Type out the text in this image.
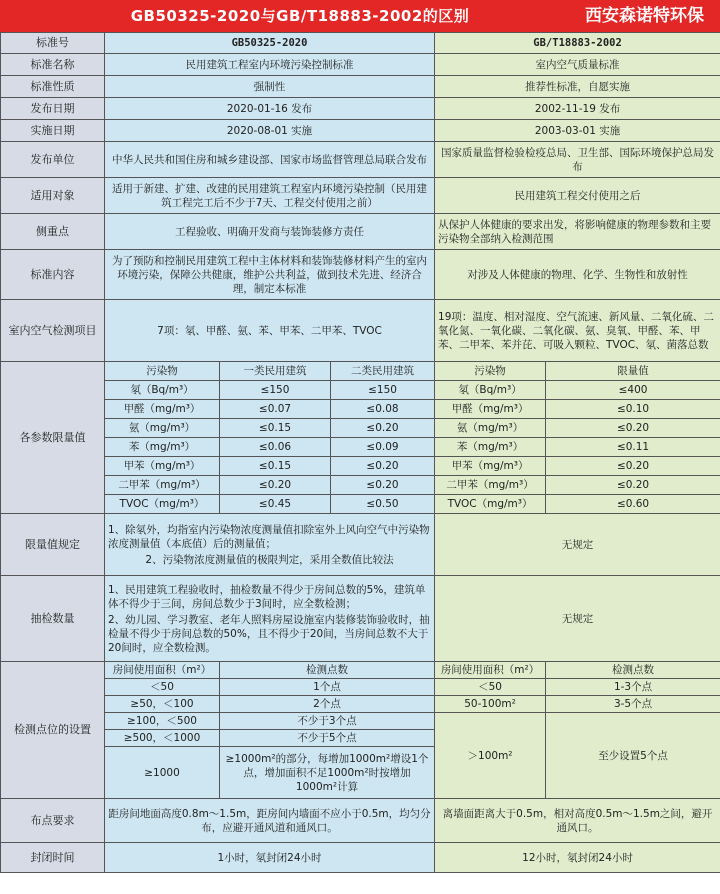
GB50325-2020与GB/T18883-2002的区别	西安森诺特环保
标准号	GB50325-2020			GB/T18883-2002	
标准名称	民用建筑工程室内环境污染控制标准			室内空气质量标准	
标准性质	强制性			推荐性标准，自愿实施	
发布日期	2020-01-16 发布			2002-11-19 发布	
实施日期	2020-08-01 实施			2003-03-01 实施	
发布单位	中华人民共和国住房和城乡建设部、国家市场监督管理总局联合发布			国家质量监督检验检疫总局、卫生部、国际环境保护总局发布	
适用对象	适用于新建、扩建、改建的民用建筑工程室内环境污染控制（民用建筑工程完工后不少于7天、工程交付使用之前）			民用建筑工程交付使用之后	
侧重点	工程验收、明确开发商与装饰装修方责任			从保护人体健康的要求出发，将影响健康的物理参数和主要污染物全部纳入检测范围	
标准内容	为了预防和控制民用建筑工程中主体材料和装饰装修材料产生的室内环境污染，保障公共健康，维护公共利益，做到技术先进、经济合理，制定本标准			对涉及人体健康的物理、化学、生物性和放射性	
室内空气检测项目	7项：氡、甲醛、氨、苯、甲苯、二甲苯、TVOC			19项：温度、相对湿度、空气流速、新风量、二氧化硫、二氧化氮、一氧化碳、二氧化碳、氨、臭氧、甲醛、苯、甲苯、二甲苯、苯并芘、可吸入颗粒、TVOC、氡、菌落总数	
各参数限量值	污染物	一类民用建筑	二类民用建筑	污染物	限量值
	氡（Bq/m³）	≤150	≤150	氡（Bq/m³）	≤400
	甲醛（mg/m³）	≤0.07	≤0.08	甲醛（mg/m³）	≤0.10
	氨（mg/m³）	≤0.15	≤0.20	氨（mg/m³）	≤0.20
	苯（mg/m³）	≤0.06	≤0.09	苯（mg/m³）	≤0.11
	甲苯（mg/m³）	≤0.15	≤0.20	甲苯（mg/m³）	≤0.20
	二甲苯（mg/m³）	≤0.20	≤0.20	二甲苯（mg/m³）	≤0.20
	TVOC（mg/m³）	≤0.45	≤0.50	TVOC（mg/m³）	≤0.60
限量值规定	1、除氡外，均指室内污染物浓度测量值扣除室外上风向空气中污染物浓度测量值（本底值）后的测量值；
2、污染物浓度测量值的极限判定，采用全数值比较法			无规定	
抽检数量	1、民用建筑工程验收时，抽检数量不得少于房间总数的5%，建筑单体不得少于三间，房间总数少于3间时，应全数检测；
2、幼儿园、学习教室、老年人照料房屋设施室内装修装饰验收时，抽检量不得少于房间总数的50%，且不得少于20间，当房间总数不大于20间时，应全数检测。			无规定	
检测点位的设置	房间使用面积（m²）	检测点数		房间使用面积（m²）	检测点数
	＜50	1个点		＜50	1-3个点
	≥50，＜100	2个点		50-100m²	3-5个点
	≥100，＜500	不少于3个点		＞100m²	至少设置5个点
	≥500，＜1000	不少于5个点			
	≥1000	≥1000m²的部分，每增加1000m²增设1个点，增加面积不足1000m²时按增加1000m²计算			
布点要求	距房间地面高度0.8m～1.5m，距房间内墙面不应小于0.5m，均匀分布，应避开通风道和通风口。			离墙面距离大于0.5m，相对高度0.5m～1.5m之间，避开通风口。	
封闭时间	1小时，氡封闭24小时			12小时，氡封闭24小时	
